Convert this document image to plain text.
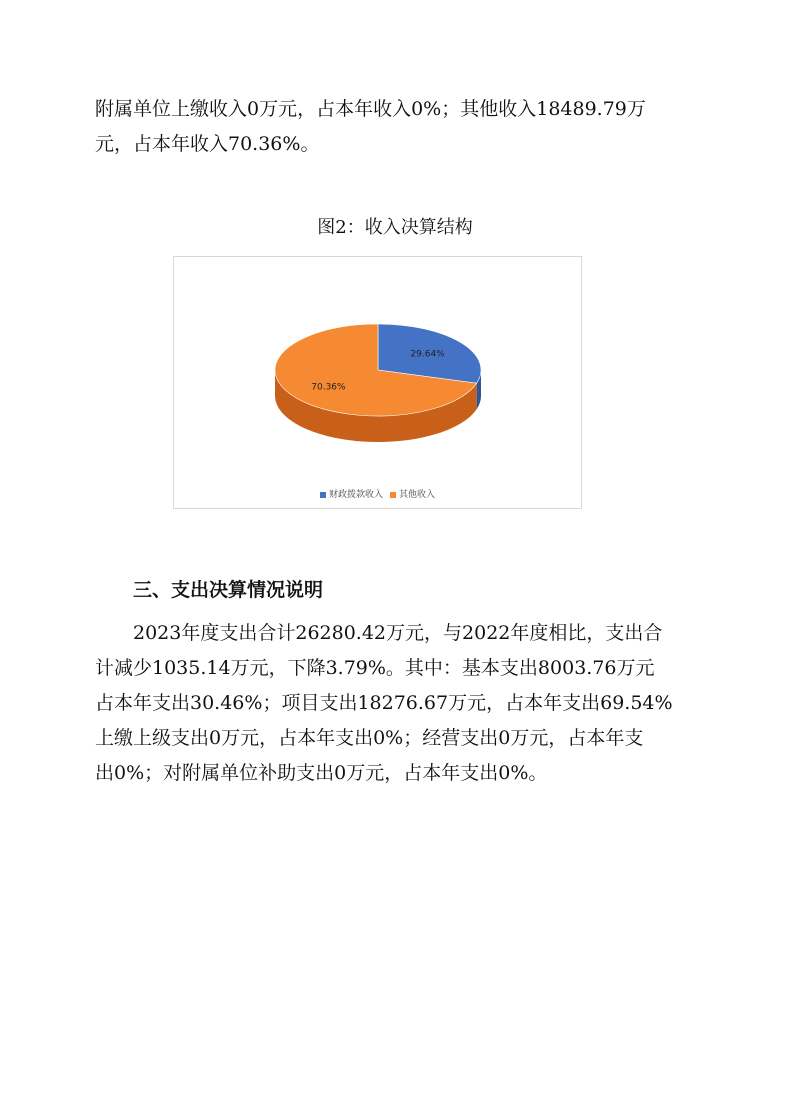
附属单位上缴收入0万元，占本年收入0%；其他收入18489.79万
元，占本年收入70.36%。

图2：收入决算结构
29.64%
70.36%
财政拨款收入 其他收入
三、支出决算情况说明

2023年度支出合计26280.42万元，与2022年度相比，支出合
计减少1035.14万元，下降3.79%。其中：基本支出8003.76万元
占本年支出30.46%；项目支出18276.67万元，占本年支出69.54%
上缴上级支出0万元，占本年支出0%；经营支出0万元，占本年支
出0%；对附属单位补助支出0万元，占本年支出0%。
